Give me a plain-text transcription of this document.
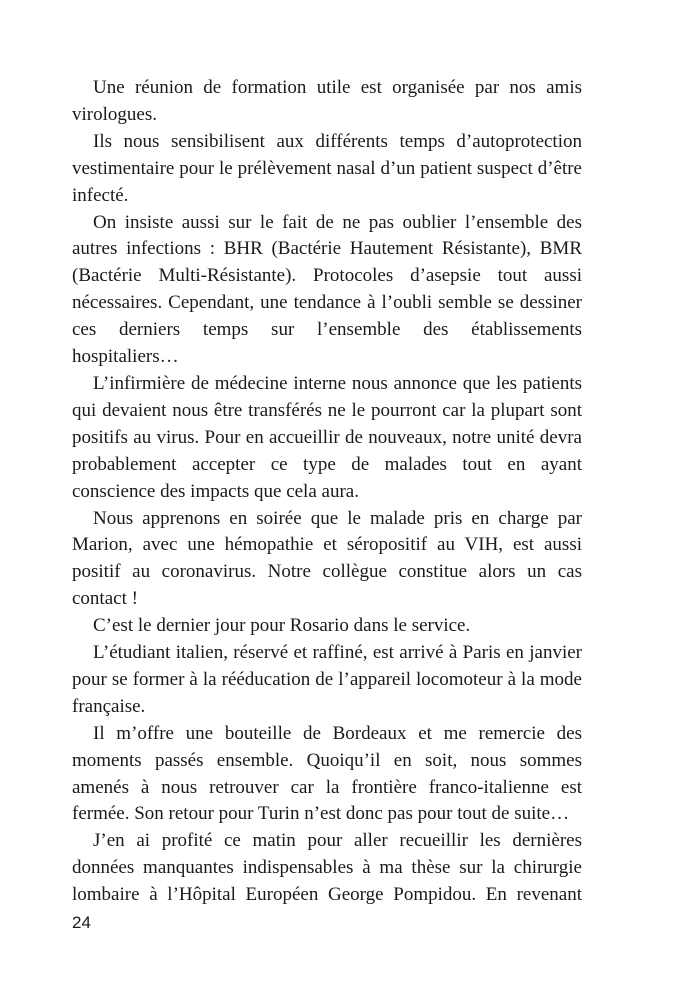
Une réunion de formation utile est organisée par nos amis virologues.

Ils nous sensibilisent aux différents temps d’autoprotection vestimentaire pour le prélèvement nasal d’un patient suspect d’être infecté.

On insiste aussi sur le fait de ne pas oublier l’ensemble des autres infections : BHR (Bactérie Hautement Résistante), BMR (Bactérie Multi-Résistante). Protocoles d’asepsie tout aussi nécessaires. Cependant, une tendance à l’oubli semble se dessiner ces derniers temps sur l’ensemble des établissements hospitaliers…

L’infirmière de médecine interne nous annonce que les patients qui devaient nous être transférés ne le pourront car la plupart sont positifs au virus. Pour en accueillir de nouveaux, notre unité devra probablement accepter ce type de malades tout en ayant conscience des impacts que cela aura.

Nous apprenons en soirée que le malade pris en charge par Marion, avec une hémopathie et séropositif au VIH, est aussi positif au coronavirus. Notre collègue constitue alors un cas contact !

C’est le dernier jour pour Rosario dans le service.

L’étudiant italien, réservé et raffiné, est arrivé à Paris en janvier pour se former à la rééducation de l’appareil locomoteur à la mode française.

Il m’offre une bouteille de Bordeaux et me remercie des moments passés ensemble. Quoiqu’il en soit, nous sommes amenés à nous retrouver car la frontière franco-italienne est fermée. Son retour pour Turin n’est donc pas pour tout de suite…

J’en ai profité ce matin pour aller recueillir les dernières données manquantes indispensables à ma thèse sur la chirurgie lombaire à l’Hôpital Européen George Pompidou. En revenant

24
